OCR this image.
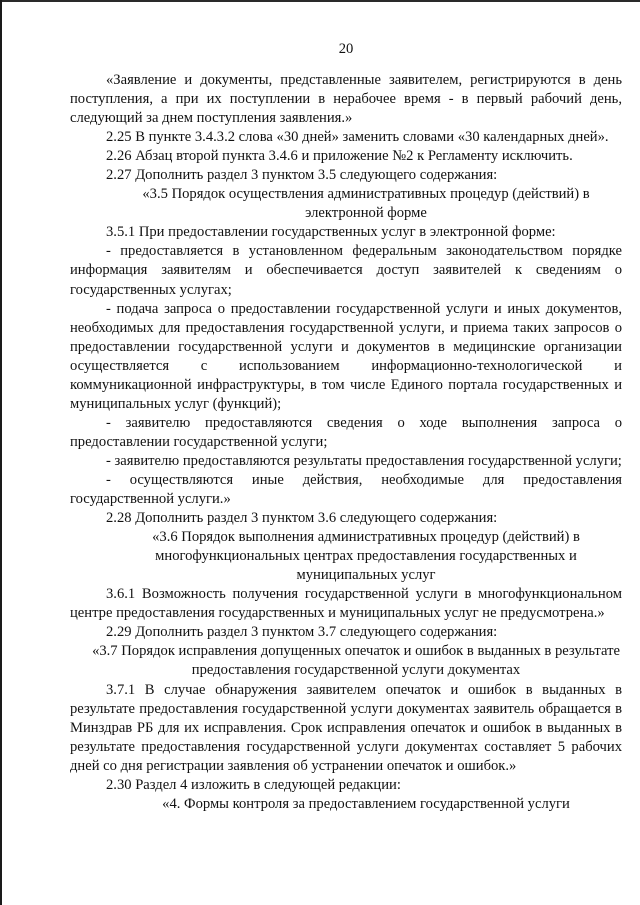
20

«Заявление и документы, представленные заявителем, регистрируются в день поступления, а при их поступлении в нерабочее время - в первый рабочий день, следующий за днем поступления заявления.»

2.25 В пункте 3.4.3.2 слова «30 дней» заменить словами «30 календарных дней».

2.26 Абзац второй пункта 3.4.6 и приложение №2 к Регламенту исключить.

2.27 Дополнить раздел 3 пунктом 3.5 следующего содержания:

«3.5 Порядок осуществления административных процедур (действий) в электронной форме

3.5.1 При предоставлении государственных услуг в электронной форме:

- предоставляется в установленном федеральным законодательством порядке информация заявителям и обеспечивается доступ заявителей к сведениям о государственных услугах;

- подача запроса о предоставлении государственной услуги и иных документов, необходимых для предоставления государственной услуги, и приема таких запросов о предоставлении государственной услуги и документов в медицинские организации осуществляется с использованием информационно-технологической и коммуникационной инфраструктуры, в том числе Единого портала государственных и муниципальных услуг (функций);

- заявителю предоставляются сведения о ходе выполнения запроса о предоставлении государственной услуги;

- заявителю предоставляются результаты предоставления государственной услуги;

- осуществляются иные действия, необходимые для предоставления государственной услуги.»

2.28 Дополнить раздел 3 пунктом 3.6 следующего содержания:

«3.6 Порядок выполнения административных процедур (действий) в многофункциональных центрах предоставления государственных и муниципальных услуг

3.6.1 Возможность получения государственной услуги в многофункциональном центре предоставления государственных и муниципальных услуг не предусмотрена.»

2.29 Дополнить раздел 3 пунктом 3.7 следующего содержания:

«3.7 Порядок исправления допущенных опечаток и ошибок в выданных в результате предоставления государственной услуги документах

3.7.1 В случае обнаружения заявителем опечаток и ошибок в выданных в результате предоставления государственной услуги документах заявитель обращается в Минздрав РБ для их исправления. Срок исправления опечаток и ошибок в выданных в результате предоставления государственной услуги документах составляет 5 рабочих дней со дня регистрации заявления об устранении опечаток и ошибок.»

2.30 Раздел 4 изложить в следующей редакции:

«4. Формы контроля за предоставлением государственной услуги
